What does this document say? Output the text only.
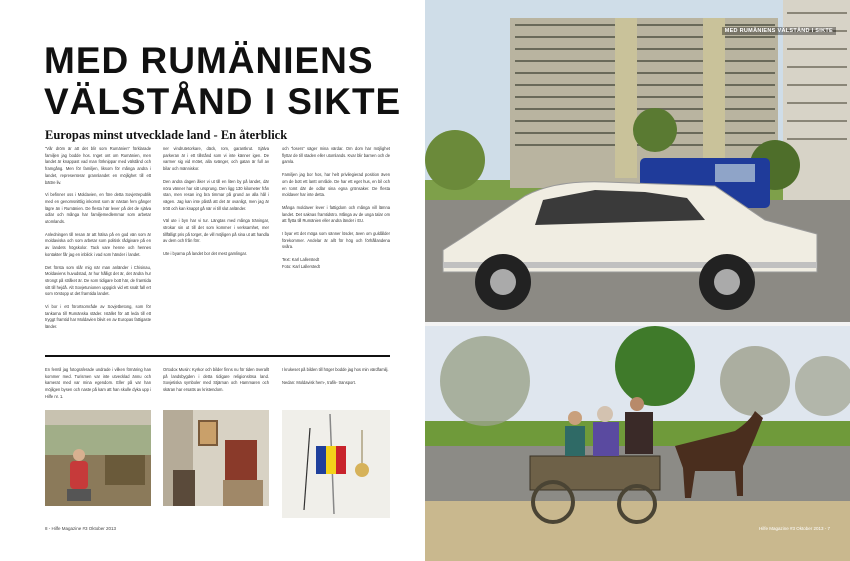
MED RUMÄNIENS VÄLSTÅND I SIKTE
Europas minst utvecklade land - En återblick

”Vår dröm är att det blir som Rumänien” förklarade familjen jag bodde hos. Inget ont om Rumänien, men landet är knappast vad man förknippar med välstånd och framgång. Men för familjen, liksom för många andra i landet, representerar grannlandet en möjlighet till ett bättre liv.

Vi befinner oss i Moldavien, en före detta Sovjetrepublik med en genomsnittlig inkomst som är nästan fem gånger lägre än i Rumänien. De flesta här lever på det de själva odlar och många har familjemedlemmar som arbetar utomlands.

Anledningen till resan är att hälsa på en god vän som är moldaviska och som arbetar som politisk rådgivare på en av landets högskolor. Tack vare henne och hennes kontakter får jag en inblick i vad som händer i landet.

Det första som slår mig när man anländer i Chisinau, Moldaviens huvudstad, är hur hålligt det är, det ändra hur strongt på stråket är. De som tidigare bott här, de framtida sitt till hejdå. Alt Sovjetunionen uppgick vid ett snalt fall ert som rörstopp ut det framtida landet.

Vi bor i ett förortsområde av Sovjetbetong, som för tankarna till Rumänska städer. Istället för att leda till ett tryggt framtid har Moldavien blivit en av Europas fattigaste länder.

ner vindrutetorkare, däck, rom, garantkrut. Själva parkeran är i ett tillstånd som vi inte känner igen. De varmer sig vid mötet, alla svänger, och gatan är full av bilar och människor.

Den andra dagen åker vi ut till en liten by på landet, där nöra vänner har sitt ursprung. Den ligg 130 kilometer från stan, men resan ing bra timmar på grund av alla hål i vägen. Jag kan inte påstå att det är ovanligt, men jag är trött och kan knappt gå när vi till slut anländer.

Väl ute i byn har vi tur. Längtas med många träningar, strokar sin ut till det som kommer i verksamhet, mer tillfälligt pris på torget, de vill möjligen på sina ut att handla av dem och från förr.

Ute i byarna på landet bor det mest gamlingar.

och ”losers” säger mina värdar. Om dom har möjlighet flyttar de till staden eller utomlands. Kvar blir barnen och de gamla.

Familjen jag bor hos, har helt privilegierad position även om de bott ett lantt område. De har ett eget hus, en bil och en tomt där de odlar sina egna grönsaker. De flesta moldaver har inte detta.

Många moldaver lever i fattigdom och många vill lämna landet. Det saknas framtidstro. Många av de unga talar om att flytta till Rumänien eller andra länder i EU.

I byar ett det möga som sänner lösder, även om guldålder förekommer. Andelar är allt för hög och förhållandena svåra.

Text: Karl Lallerstedt

Foto: Karl Lallerstedt

En femtil jag fotograferade undrade i vilken förnäring han kommer med. Turismen var inte utvecklad ännu och kamerat med var mina egendom. Eller på var han möjligen bysen och naste på kam att han skulle dyka upp i Hilfe nr. 1.
Ortodox Musin: Kyrkor och bilder finns nu för tiden överallt på landsbygden i detta tidigare religionslösa land. Sovjetiska symboler med Stjärnan och Hammaren och skäran har ersatts av kristendom.

I krukeset på bilden till höger bodde jag hos min värdfamilj.

Nedan: Moldavisk hem-, trafik- transport.

8 - Hilfe Magazine #3 Oktober 2013
MED RUMÄNIENS VÄLSTÅND I SIKTE
Hilfe Magazine #3 Oktober 2013 - 7
